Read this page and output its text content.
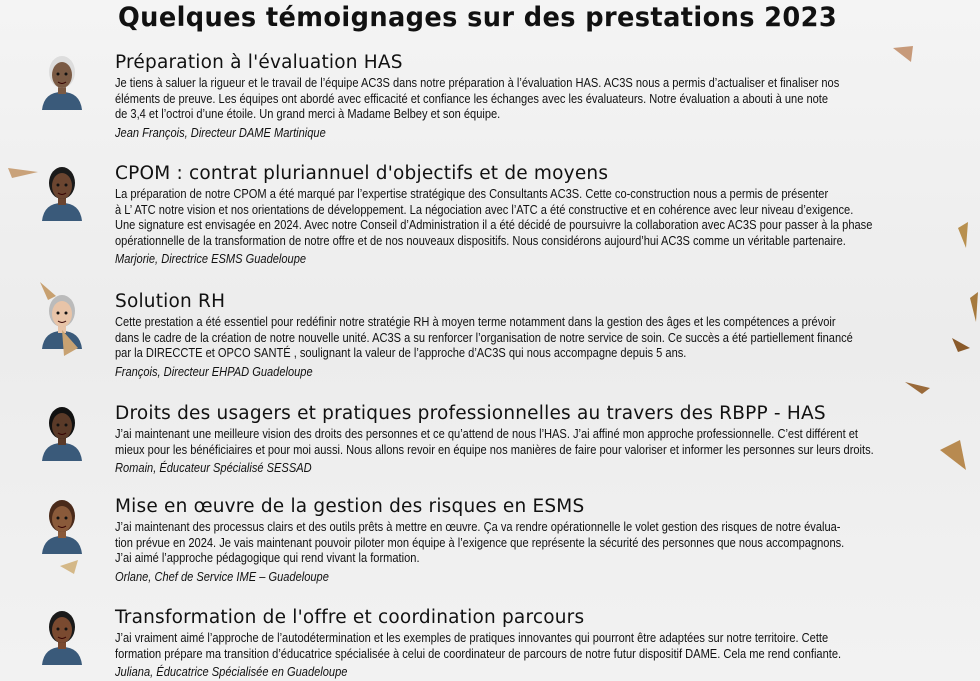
Quelques témoignages sur des prestations 2023
Préparation à l'évaluation HAS
Je tiens à saluer la rigueur et le travail de l’équipe AC3S dans notre préparation à l’évaluation HAS. AC3S nous a permis d’actualiser et finaliser nos
éléments de preuve. Les équipes ont abordé avec efficacité et confiance les échanges avec les évaluateurs. Notre évaluation a abouti à une note
de 3,4 et l’octroi d’une étoile. Un grand merci à Madame Belbey et son équipe.
Jean François, Directeur DAME Martinique
CPOM : contrat pluriannuel d'objectifs et de moyens
La préparation de notre CPOM a été marqué par l’expertise stratégique des Consultants AC3S. Cette co-construction nous a permis de présenter
à L’ ATC notre vision et nos orientations de développement. La négociation avec l’ATC a été constructive et en cohérence avec leur niveau d’exigence.
Une signature est envisagée en 2024. Avec notre Conseil d’Administration il a été décidé de poursuivre la collaboration avec AC3S pour passer à la phase
opérationnelle de la transformation de notre offre et de nos nouveaux dispositifs. Nous considérons aujourd’hui AC3S comme un véritable partenaire.
Marjorie, Directrice ESMS Guadeloupe
Solution RH
Cette prestation a été essentiel pour redéfinir notre stratégie RH à moyen terme notamment dans la gestion des âges et les compétences a prévoir
dans le cadre de la création de notre nouvelle unité. AC3S a su renforcer l’organisation de notre service de soin. Ce succès a été partiellement financé
par la DIRECCTE et OPCO SANTÉ , soulignant la valeur de l’approche d’AC3S qui nous accompagne depuis 5 ans.
François, Directeur EHPAD Guadeloupe
Droits des usagers et pratiques professionnelles au travers des RBPP - HAS
J’ai maintenant une meilleure vision des droits des personnes et ce qu’attend de nous l’HAS. J’ai affiné mon approche professionnelle. C’est différent et
mieux pour les bénéficiaires et pour moi aussi. Nous allons revoir en équipe nos manières de faire pour valoriser et informer les personnes sur leurs droits.
Romain, Éducateur Spécialisé SESSAD
Mise en œuvre de la gestion des risques en ESMS
J’ai maintenant des processus clairs et des outils prêts à mettre en œuvre. Ça va rendre opérationnelle le volet gestion des risques de notre évalua-
tion prévue en 2024. Je vais maintenant pouvoir piloter mon équipe à l’exigence que représente la sécurité des personnes que nous accompagnons.
J’ai aimé l’approche pédagogique qui rend vivant la formation.
Orlane, Chef de Service IME – Guadeloupe
Transformation de l'offre et coordination parcours
J’ai vraiment aimé l’approche de l’autodétermination et les exemples de pratiques innovantes qui pourront être adaptées sur notre territoire. Cette
formation prépare ma transition d’éducatrice spécialisée à celui de coordinateur de parcours de notre futur dispositif DAME. Cela me rend confiante.
Juliana, Éducatrice Spécialisée en Guadeloupe
